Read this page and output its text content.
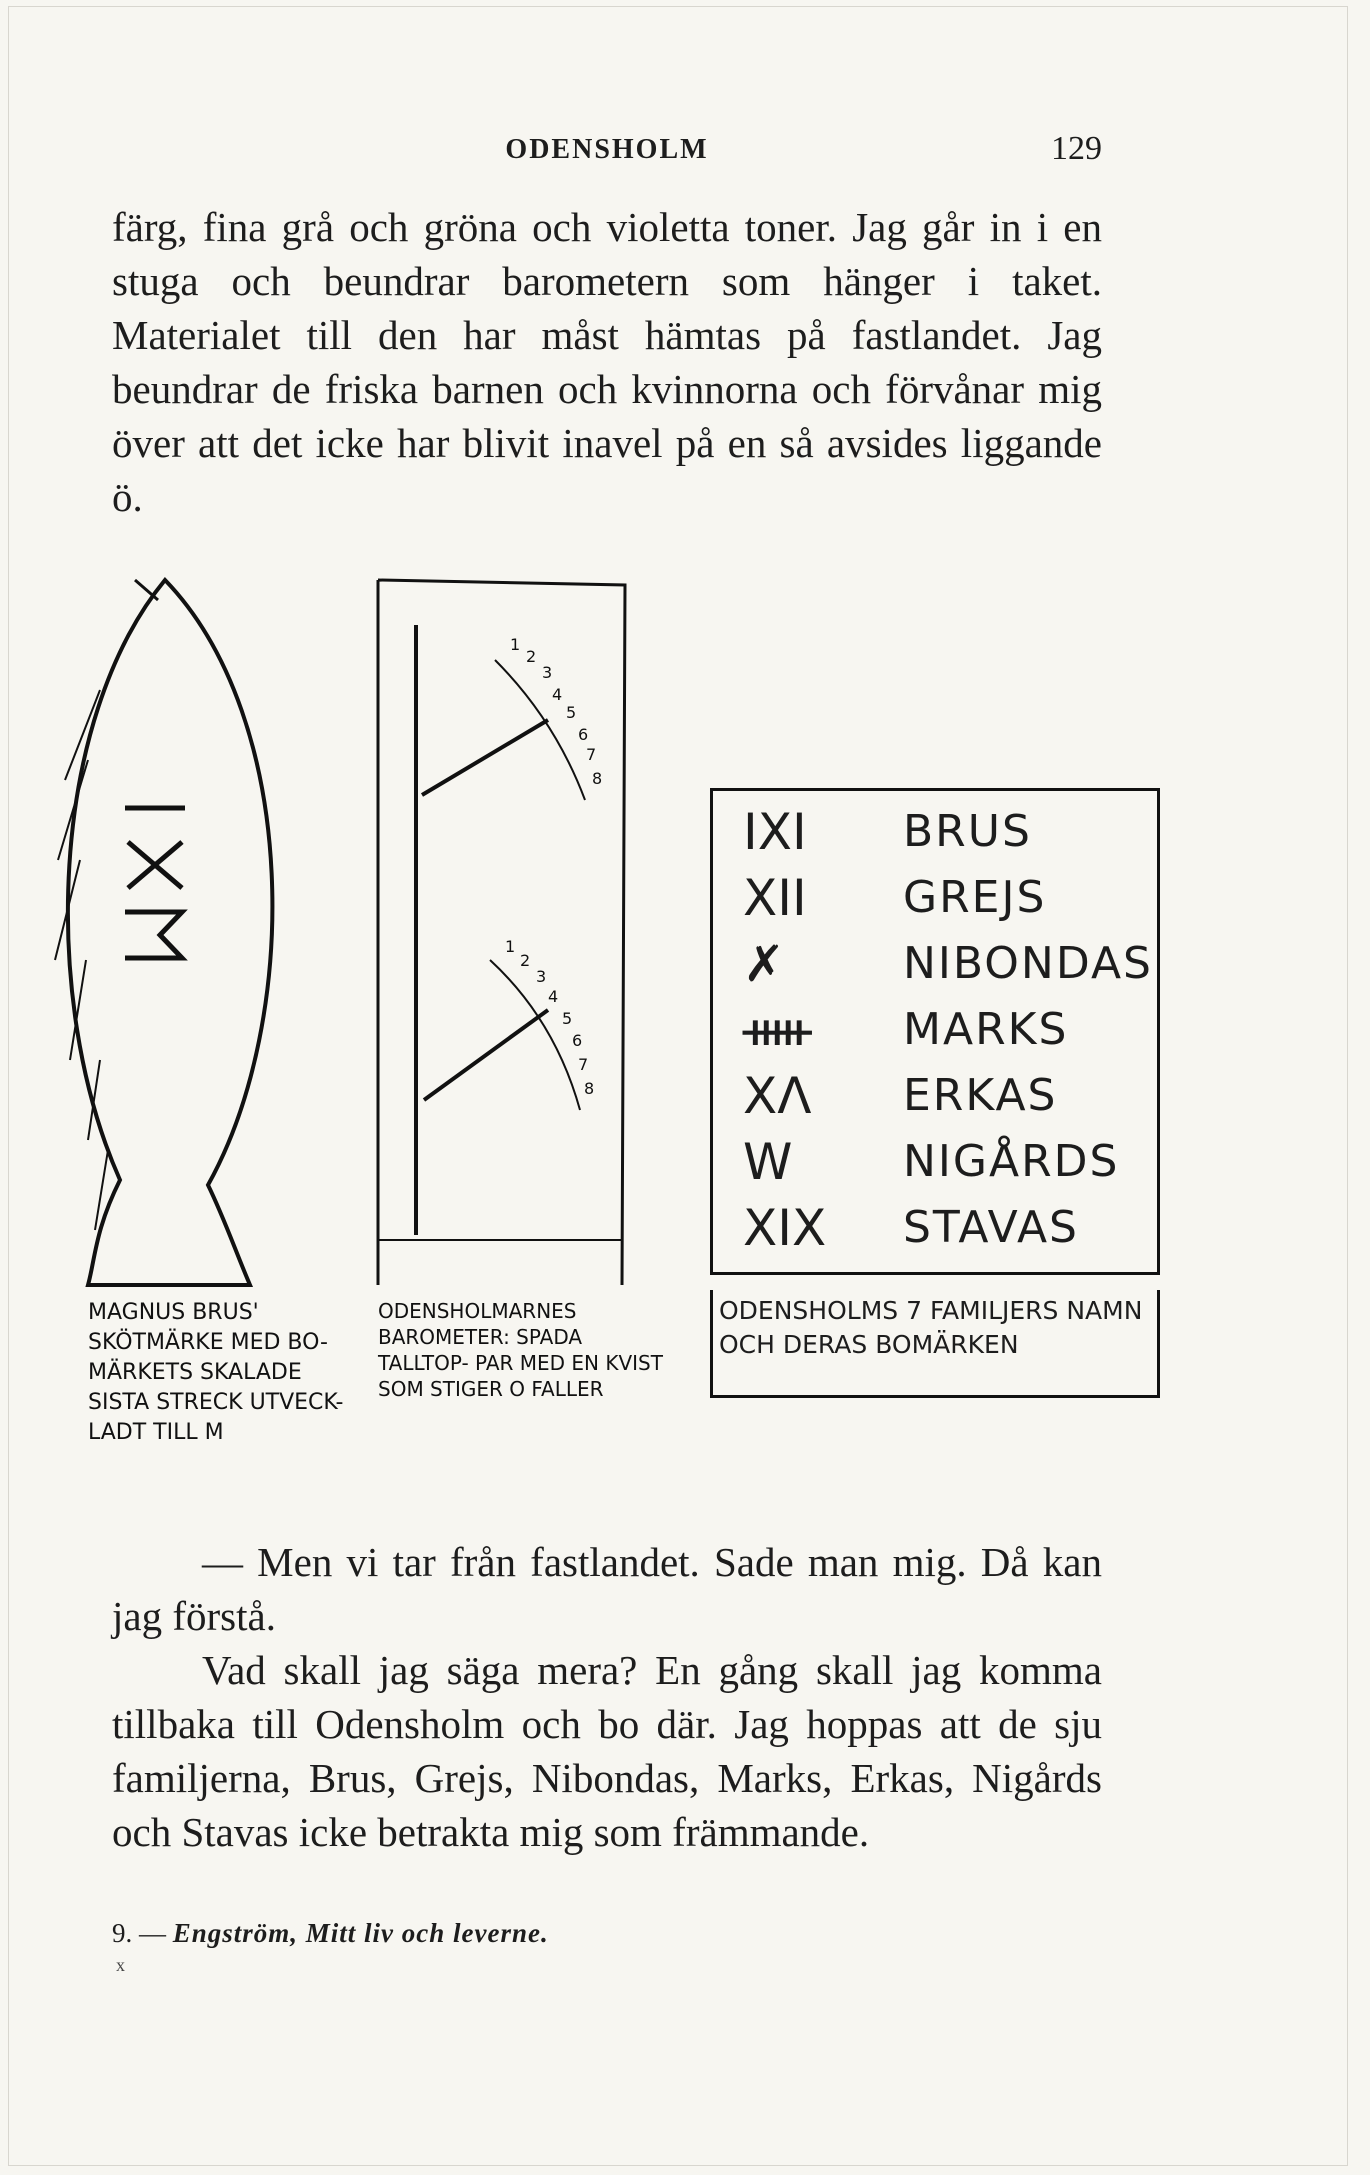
ODENSHOLM	129

färg, fina grå och gröna och violetta toner. Jag går in i en stuga och beundrar barometern som hänger i taket. Materialet till den har måst hämtas på fastlandet. Jag beundrar de friska barnen och kvinnorna och förvånar mig över att det icke har blivit inavel på en så avsides liggande ö.

1
2
3
4
5
6
7
8
1
2
3
4
5
6
7
8
MAGNUS BRUS' SKÖTMÄRKE MED BO- MÄRKETS SKALADE SISTA STRECK UTVECK- LADT TILL M
ODENSHOLMARNES BAROMETER: SPADA TALLTOP- PAR MED EN KVIST SOM STIGER O FALLER
IXI BRUS
XII GREJS
✗	NIBONDAS
ᚔ MARKS
XΛ ERKAS
W	NIGÅRDS
XIX STAVAS
ODENSHOLMS 7 FAMILJERS NAMN OCH DERAS BOMÄRKEN

— Men vi tar från fastlandet. Sade man mig. Då kan jag förstå.

Vad skall jag säga mera? En gång skall jag komma tillbaka till Odensholm och bo där. Jag hoppas att de sju familjerna, Brus, Grejs, Nibondas, Marks, Erkas, Nigårds och Stavas icke betrakta mig som främmande.

9. — Engström, Mitt liv och leverne.
x
